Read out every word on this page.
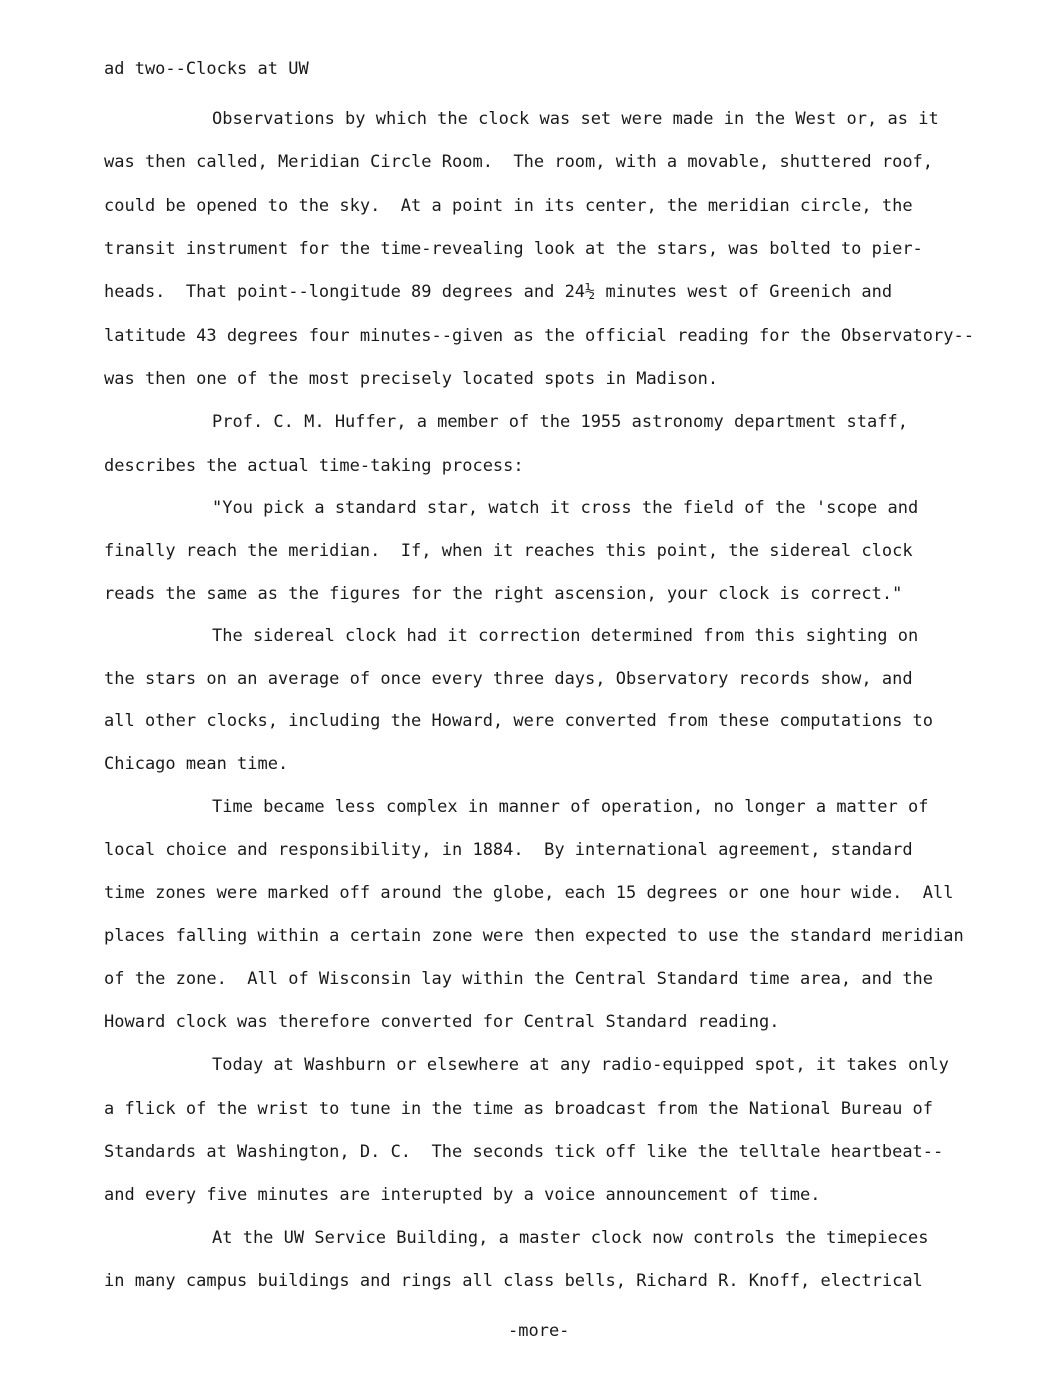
ad two--Clocks at UW
Observations by which the clock was set were made in the West or, as it
was then called, Meridian Circle Room.  The room, with a movable, shuttered roof,
could be opened to the sky.  At a point in its center, the meridian circle, the
transit instrument for the time-revealing look at the stars, was bolted to pier-
heads.  That point--longitude 89 degrees and 24½ minutes west of Greenich and
latitude 43 degrees four minutes--given as the official reading for the Observatory--
was then one of the most precisely located spots in Madison.
Prof. C. M. Huffer, a member of the 1955 astronomy department staff,
describes the actual time-taking process:
"You pick a standard star, watch it cross the field of the 'scope and
finally reach the meridian.  If, when it reaches this point, the sidereal clock
reads the same as the figures for the right ascension, your clock is correct."
The sidereal clock had it correction determined from this sighting on
the stars on an average of once every three days, Observatory records show, and
all other clocks, including the Howard, were converted from these computations to
Chicago mean time.
Time became less complex in manner of operation, no longer a matter of
local choice and responsibility, in 1884.  By international agreement, standard
time zones were marked off around the globe, each 15 degrees or one hour wide.  All
places falling within a certain zone were then expected to use the standard meridian
of the zone.  All of Wisconsin lay within the Central Standard time area, and the
Howard clock was therefore converted for Central Standard reading.
Today at Washburn or elsewhere at any radio-equipped spot, it takes only
a flick of the wrist to tune in the time as broadcast from the National Bureau of
Standards at Washington, D. C.  The seconds tick off like the telltale heartbeat--
and every five minutes are interupted by a voice announcement of time.
At the UW Service Building, a master clock now controls the timepieces
in many campus buildings and rings all class bells, Richard R. Knoff, electrical
-more-
